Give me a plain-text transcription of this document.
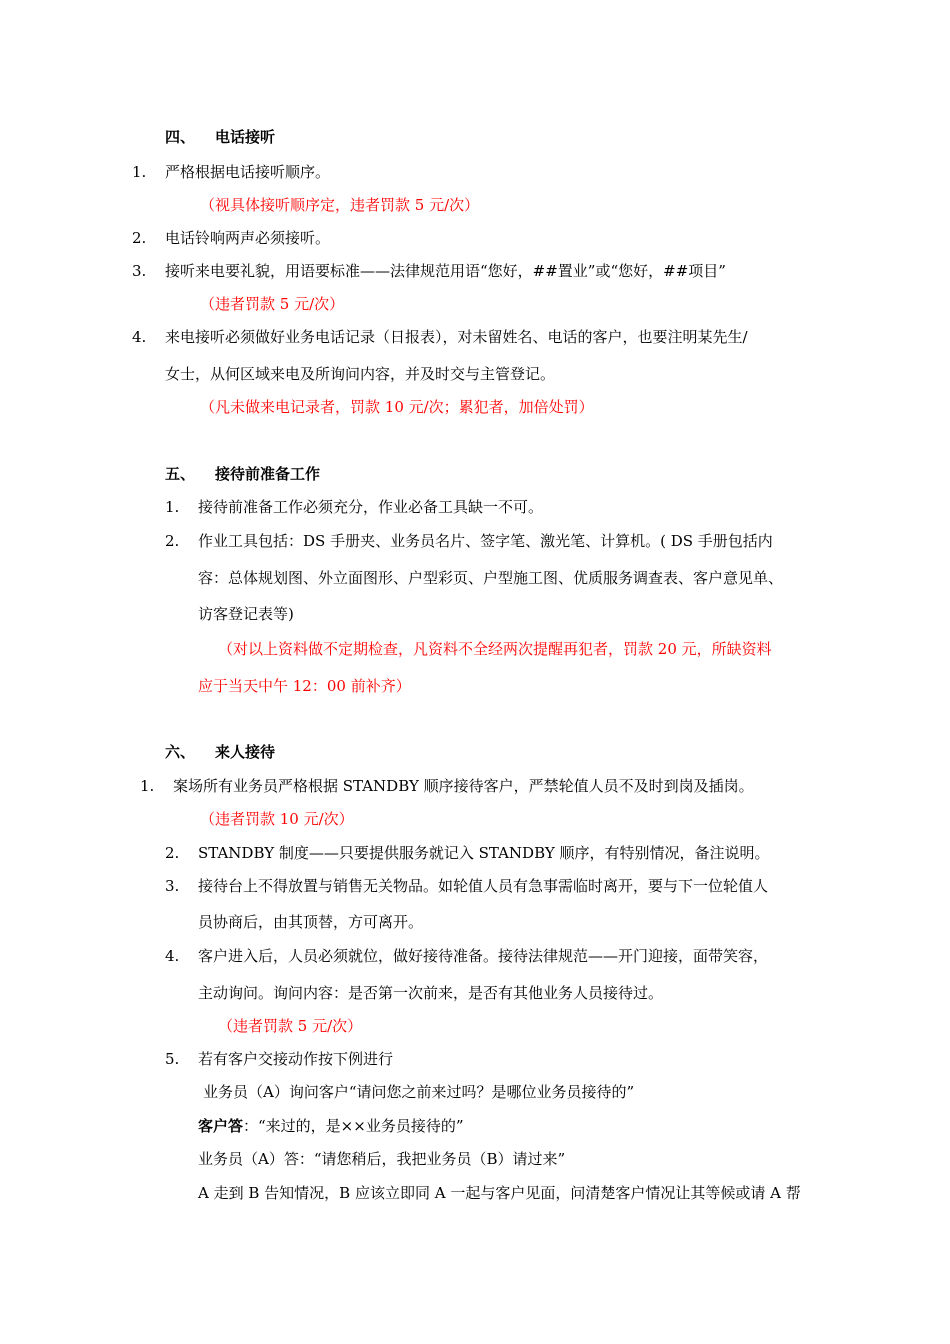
四、 电话接听
1. 严格根据电话接听顺序。
（视具体接听顺序定，违者罚款 5 元/次）
2. 电话铃响两声必须接听。
3. 接听来电要礼貌，用语要标准——法律规范用语“您好，##置业”或“您好，##项目”
（违者罚款 5 元/次）
4. 来电接听必须做好业务电话记录（日报表），对未留姓名、电话的客户，也要注明某先生/
女士，从何区域来电及所询问内容，并及时交与主管登记。
（凡未做来电记录者，罚款 10 元/次；累犯者，加倍处罚）
五、 接待前准备工作
1. 接待前准备工作必须充分，作业必备工具缺一不可。
2. 作业工具包括：DS 手册夹、业务员名片、签字笔、激光笔、计算机。( DS 手册包括内
容：总体规划图、外立面图形、户型彩页、户型施工图、优质服务调查表、客户意见单、
访客登记表等)
（对以上资料做不定期检查，凡资料不全经两次提醒再犯者，罚款 20 元，所缺资料
应于当天中午 12：00 前补齐）
六、 来人接待
1. 案场所有业务员严格根据 STANDBY 顺序接待客户，严禁轮值人员不及时到岗及插岗。
（违者罚款 10 元/次）
2. STANDBY 制度——只要提供服务就记入 STANDBY 顺序，有特别情况，备注说明。
3. 接待台上不得放置与销售无关物品。如轮值人员有急事需临时离开，要与下一位轮值人
员协商后，由其顶替，方可离开。
4. 客户进入后，人员必须就位，做好接待准备。接待法律规范——开门迎接，面带笑容，
主动询问。询问内容：是否第一次前来，是否有其他业务人员接待过。
（违者罚款 5 元/次）
5. 若有客户交接动作按下例进行
业务员（A）询问客户“请问您之前来过吗？是哪位业务员接待的”
客户答：“来过的，是××业务员接待的”
业务员（A）答：“请您稍后，我把业务员（B）请过来”
A 走到 B 告知情况，B 应该立即同 A 一起与客户见面，问清楚客户情况让其等候或请 A 帮
